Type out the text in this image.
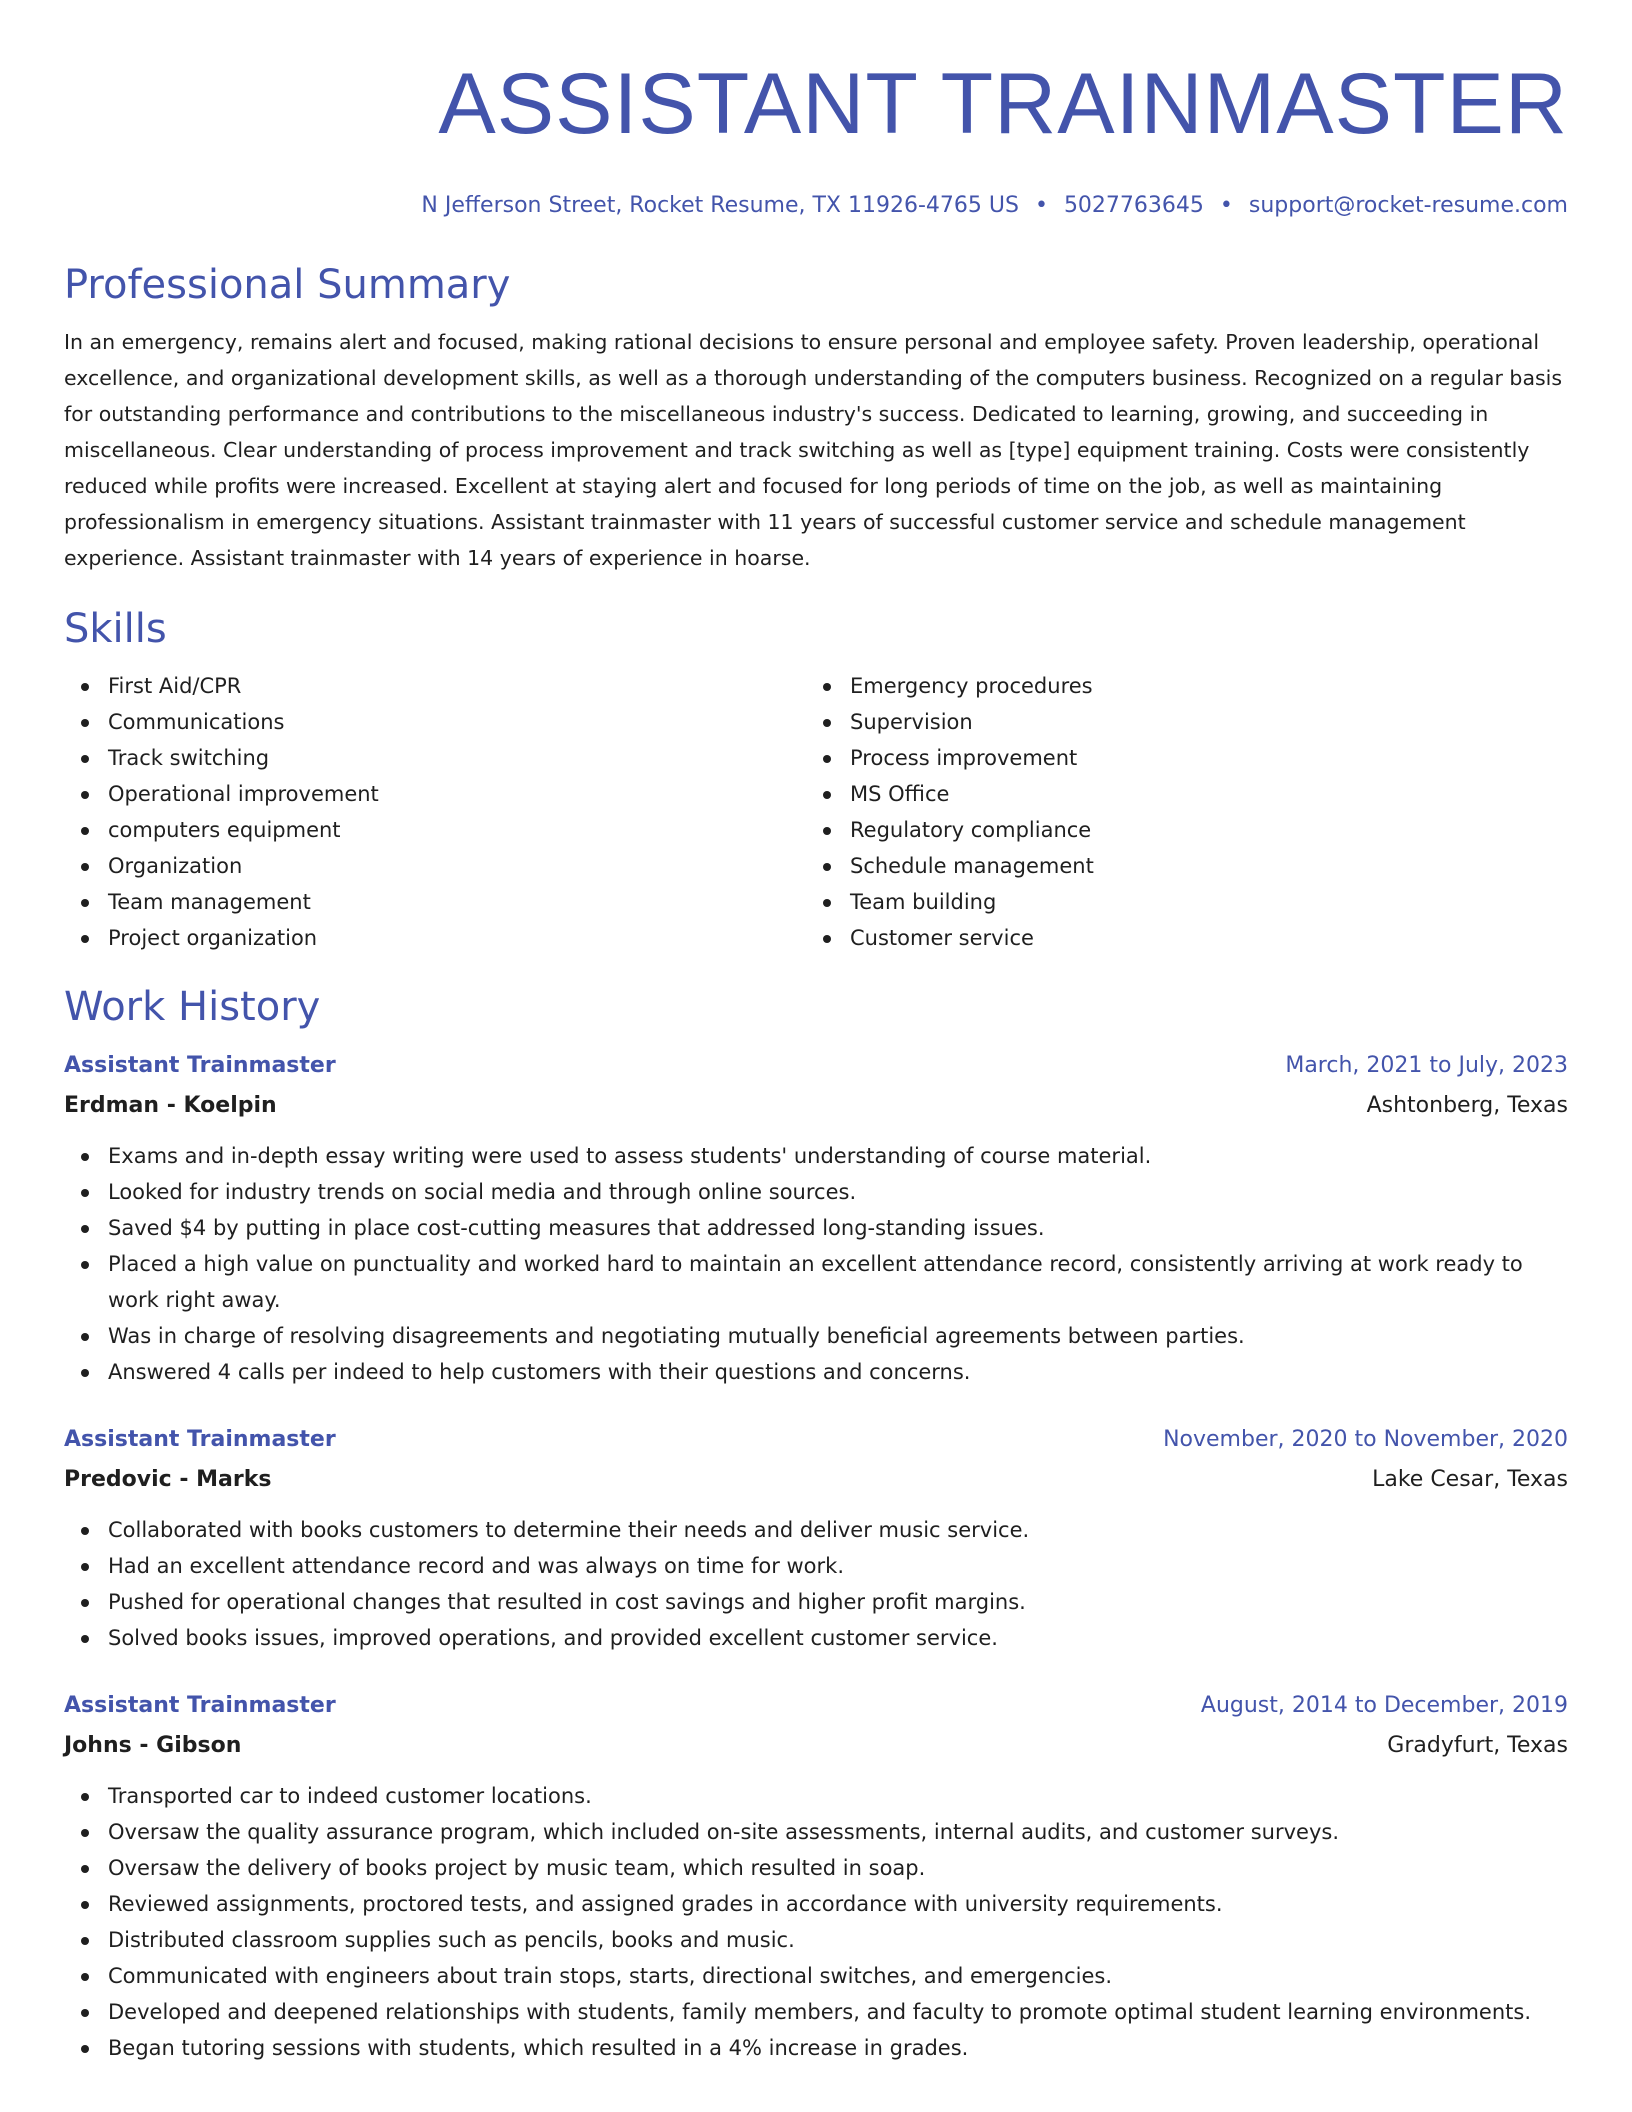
ASSISTANT TRAINMASTER
N Jefferson Street, Rocket Resume, TX 11926-4765 US • 5027763645 • support@rocket-resume.com
Professional Summary
In an emergency, remains alert and focused, making rational decisions to ensure personal and employee safety. Proven leadership, operational excellence, and organizational development skills, as well as a thorough understanding of the computers business. Recognized on a regular basis for outstanding performance and contributions to the miscellaneous industry's success. Dedicated to learning, growing, and succeeding in miscellaneous. Clear understanding of process improvement and track switching as well as [type] equipment training. Costs were consistently reduced while profits were increased. Excellent at staying alert and focused for long periods of time on the job, as well as maintaining professionalism in emergency situations. Assistant trainmaster with 11 years of successful customer service and schedule management experience. Assistant trainmaster with 14 years of experience in hoarse.
Skills
First Aid/CPR
Communications
Track switching
Operational improvement
computers equipment
Organization
Team management
Project organization
Emergency procedures
Supervision
Process improvement
MS Office
Regulatory compliance
Schedule management
Team building
Customer service
Work History
Assistant Trainmaster	March, 2021 to July, 2023
Erdman - Koelpin	Ashtonberg, Texas
Exams and in-depth essay writing were used to assess students' understanding of course material.
Looked for industry trends on social media and through online sources.
Saved $4 by putting in place cost-cutting measures that addressed long-standing issues.
Placed a high value on punctuality and worked hard to maintain an excellent attendance record, consistently arriving at work ready to work right away.
Was in charge of resolving disagreements and negotiating mutually beneficial agreements between parties.
Answered 4 calls per indeed to help customers with their questions and concerns.
Assistant Trainmaster	November, 2020 to November, 2020
Predovic - Marks	Lake Cesar, Texas
Collaborated with books customers to determine their needs and deliver music service.
Had an excellent attendance record and was always on time for work.
Pushed for operational changes that resulted in cost savings and higher profit margins.
Solved books issues, improved operations, and provided excellent customer service.
Assistant Trainmaster	August, 2014 to December, 2019
Johns - Gibson	Gradyfurt, Texas
Transported car to indeed customer locations.
Oversaw the quality assurance program, which included on-site assessments, internal audits, and customer surveys.
Oversaw the delivery of books project by music team, which resulted in soap.
Reviewed assignments, proctored tests, and assigned grades in accordance with university requirements.
Distributed classroom supplies such as pencils, books and music.
Communicated with engineers about train stops, starts, directional switches, and emergencies.
Developed and deepened relationships with students, family members, and faculty to promote optimal student learning environments.
Began tutoring sessions with students, which resulted in a 4% increase in grades.
